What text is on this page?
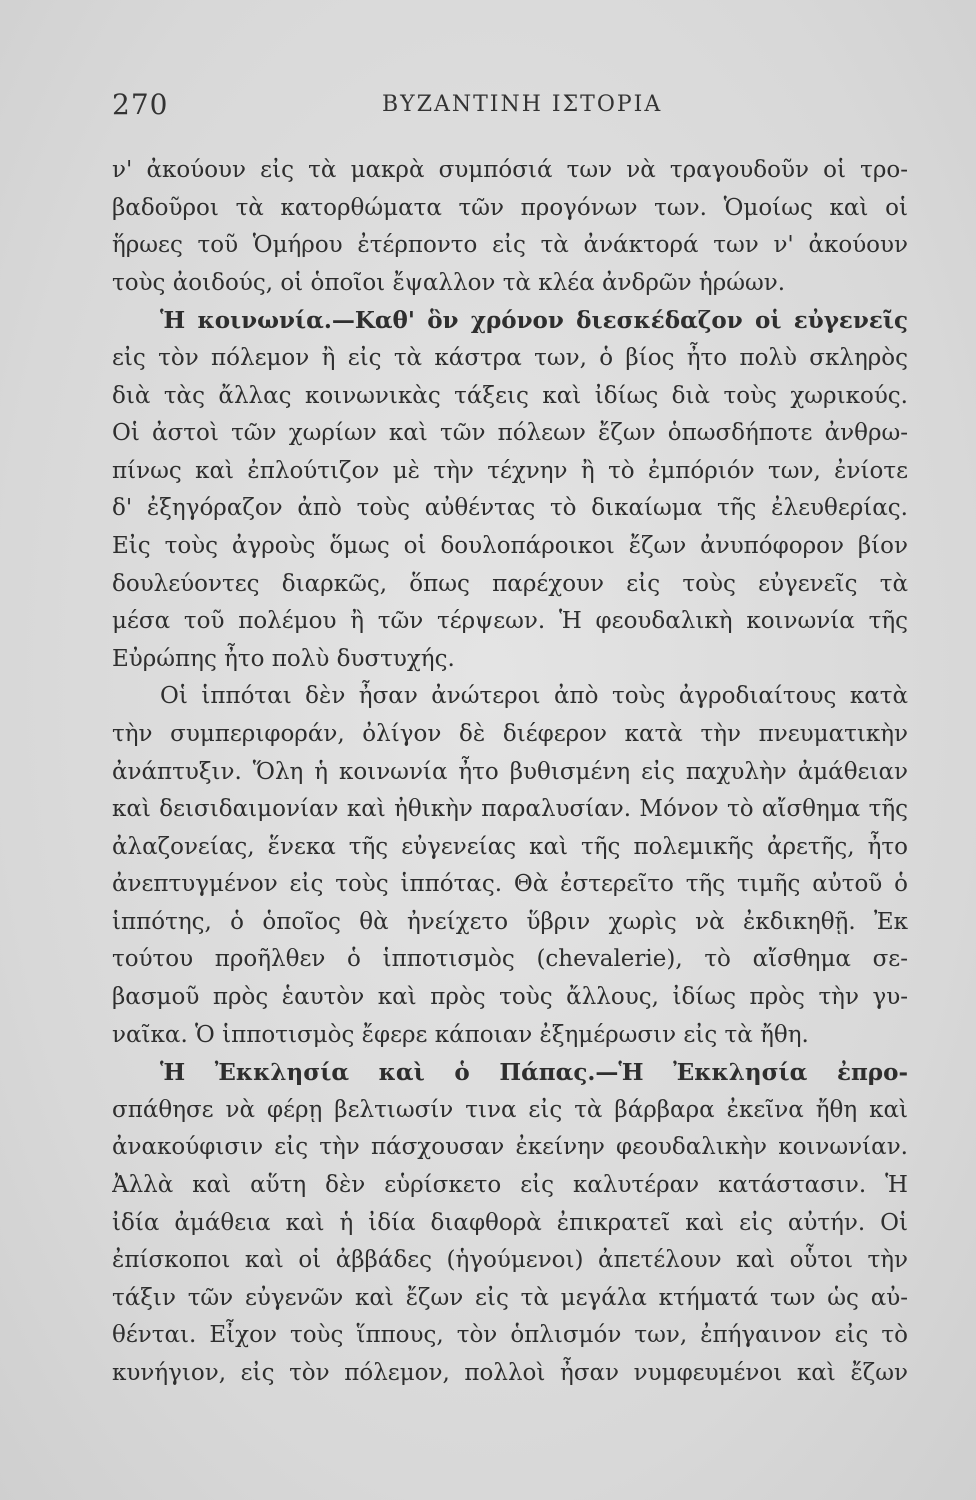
270	ΒΥΖΑΝΤΙΝΗ ΙΣΤΟΡΙΑ
ν' ἀκούουν εἰς τὰ μακρὰ συμπόσιά των νὰ τραγουδοῦν οἱ τρο-
βαδοῦροι τὰ κατορθώματα τῶν προγόνων των. Ὁμοίως καὶ οἱ
ἥρωες τοῦ Ὁμήρου ἐτέρποντο εἰς τὰ ἀνάκτορά των ν' ἀκούουν
τοὺς ἀοιδούς, οἱ ὁποῖοι ἔψαλλον τὰ κλέα ἀνδρῶν ἡρώων.
Ἡ κοινωνία.—Καθ' ὃν χρόνον διεσκέδαζον οἱ εὐγενεῖς
εἰς τὸν πόλεμον ἢ εἰς τὰ κάστρα των, ὁ βίος ἦτο πολὺ σκληρὸς
διὰ τὰς ἄλλας κοινωνικὰς τάξεις καὶ ἰδίως διὰ τοὺς χωρικούς.
Οἱ ἀστοὶ τῶν χωρίων καὶ τῶν πόλεων ἔζων ὁπωσδήποτε ἀνθρω-
πίνως καὶ ἐπλούτιζον μὲ τὴν τέχνην ἢ τὸ ἐμπόριόν των, ἐνίοτε
δ' ἐξηγόραζον ἀπὸ τοὺς αὐθέντας τὸ δικαίωμα τῆς ἐλευθερίας.
Εἰς τοὺς ἀγροὺς ὅμως οἱ δουλοπάροικοι ἔζων ἀνυπόφορον βίον
δουλεύοντες διαρκῶς, ὅπως παρέχουν εἰς τοὺς εὐγενεῖς τὰ
μέσα τοῦ πολέμου ἢ τῶν τέρψεων. Ἡ φεουδαλικὴ κοινωνία τῆς
Εὐρώπης ἦτο πολὺ δυστυχής.
Οἱ ἱππόται δὲν ἦσαν ἀνώτεροι ἀπὸ τοὺς ἀγροδιαίτους κατὰ
τὴν συμπεριφοράν, ὀλίγον δὲ διέφερον κατὰ τὴν πνευματικὴν
ἀνάπτυξιν. Ὅλη ἡ κοινωνία ἦτο βυθισμένη εἰς παχυλὴν ἀμάθειαν
καὶ δεισιδαιμονίαν καὶ ἠθικὴν παραλυσίαν. Μόνον τὸ αἴσθημα τῆς
ἀλαζονείας, ἕνεκα τῆς εὐγενείας καὶ τῆς πολεμικῆς ἀρετῆς, ἦτο
ἀνεπτυγμένον εἰς τοὺς ἱππότας. Θὰ ἐστερεῖτο τῆς τιμῆς αὐτοῦ ὁ
ἱππότης, ὁ ὁποῖος θὰ ἠνείχετο ὕβριν χωρὶς νὰ ἐκδικηθῇ. Ἐκ
τούτου προῆλθεν ὁ ἱπποτισμὸς (chevalerie), τὸ αἴσθημα σε-
βασμοῦ πρὸς ἑαυτὸν καὶ πρὸς τοὺς ἄλλους, ἰδίως πρὸς τὴν γυ-
ναῖκα. Ὁ ἱπποτισμὸς ἔφερε κάποιαν ἐξημέρωσιν εἰς τὰ ἤθη.
Ἡ Ἐκκλησία καὶ ὁ Πάπας.—Ἡ Ἐκκλησία ἐπρο-
σπάθησε νὰ φέρῃ βελτιωσίν τινα εἰς τὰ βάρβαρα ἐκεῖνα ἤθη καὶ
ἀνακούφισιν εἰς τὴν πάσχουσαν ἐκείνην φεουδαλικὴν κοινωνίαν.
Ἀλλὰ καὶ αὕτη δὲν εὑρίσκετο εἰς καλυτέραν κατάστασιν. Ἡ
ἰδία ἀμάθεια καὶ ἡ ἰδία διαφθορὰ ἐπικρατεῖ καὶ εἰς αὐτήν. Οἱ
ἐπίσκοποι καὶ οἱ ἀββάδες (ἡγούμενοι) ἀπετέλουν καὶ οὗτοι τὴν
τάξιν τῶν εὐγενῶν καὶ ἔζων εἰς τὰ μεγάλα κτήματά των ὡς αὐ-
θένται. Εἶχον τοὺς ἵππους, τὸν ὁπλισμόν των, ἐπήγαινον εἰς τὸ
κυνήγιον, εἰς τὸν πόλεμον, πολλοὶ ἦσαν νυμφευμένοι καὶ ἔζων
